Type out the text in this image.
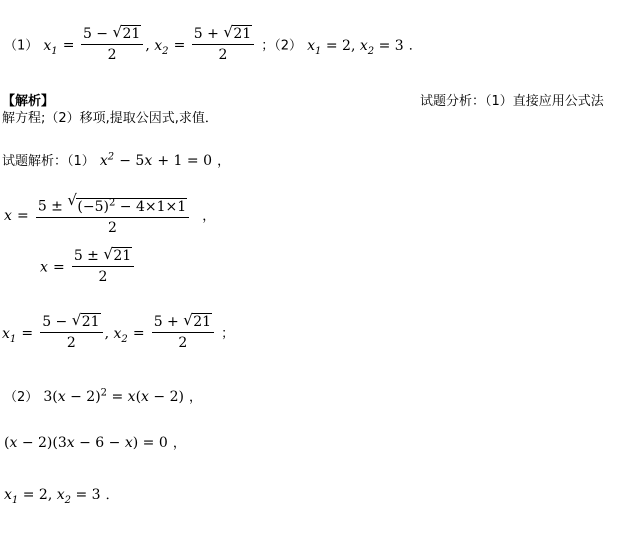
（1） $x_1 = \frac{5 - √ 21}{2}$ , $x_2 = \frac{5 + √ 21}{2}$ ；（2） $x_1 = 2$, $x_2 = 3$ ．
【解析】	试题分析：（1）直接应用公式法
解方程;（2）移项,提取公因式,求值．
试题解析：（1） $x^2 - 5x + 1 = 0$ ，
$x = \frac{5 \pm √ (-5)^2 - 4\times 1\times 1}{2}$ ，
$x = \frac{5 \pm √ 21}{2}$
$x_1 = \frac{5 - √ 21}{2}$ , $x_2 = \frac{5 + √ 21}{2}$ ；
（2） $3(x - 2)^2 = x(x - 2)$ ，
(x − 2)(3x − 6 − x) = 0 ，
$x_1 = 2$, $x_2 = 3$ ．
